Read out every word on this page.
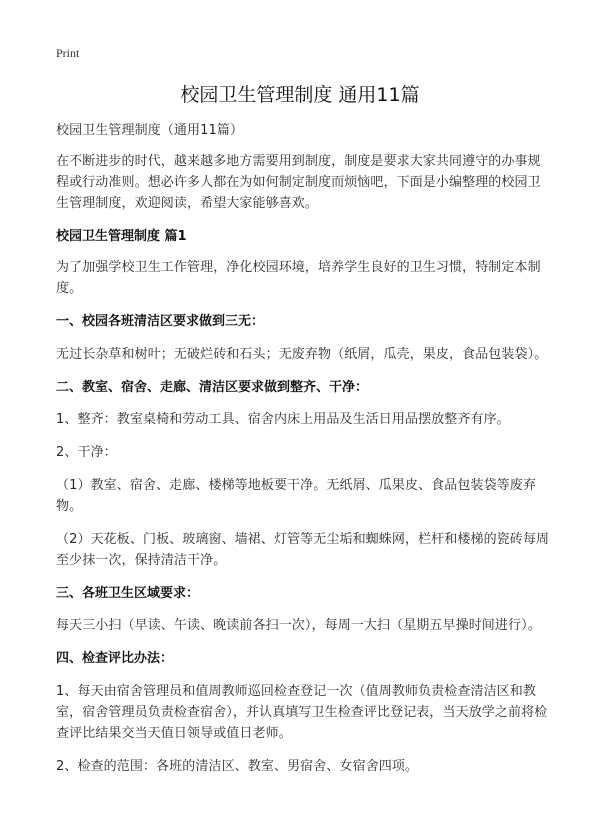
Print
校园卫生管理制度 通用11篇

校园卫生管理制度（通用11篇）

在不断进步的时代，越来越多地方需要用到制度，制度是要求大家共同遵守的办事规程或行动准则。想必许多人都在为如何制定制度而烦恼吧，下面是小编整理的校园卫生管理制度，欢迎阅读，希望大家能够喜欢。

校园卫生管理制度 篇1

为了加强学校卫生工作管理，净化校园环境，培养学生良好的卫生习惯，特制定本制度。

一、校园各班清洁区要求做到三无：

无过长杂草和树叶；无破烂砖和石头；无废弃物（纸屑，瓜壳，果皮，食品包装袋）。

二、教室、宿舍、走廊、清洁区要求做到整齐、干净：

1、整齐：教室桌椅和劳动工具、宿舍内床上用品及生活日用品摆放整齐有序。

2、干净：

（1）教室、宿舍、走廊、楼梯等地板要干净。无纸屑、瓜果皮、食品包装袋等废弃物。

（2）天花板、门板、玻璃窗、墙裙、灯管等无尘垢和蜘蛛网，栏杆和楼梯的瓷砖每周至少抹一次，保持清洁干净。

三、各班卫生区域要求：

每天三小扫（早读、午读、晚读前各扫一次），每周一大扫（星期五早操时间进行）。

四、检查评比办法：

1、每天由宿舍管理员和值周教师巡回检查登记一次（值周教师负责检查清洁区和教室，宿舍管理员负责检查宿舍），并认真填写卫生检查评比登记表，当天放学之前将检查评比结果交当天值日领导或值日老师。

2、检查的范围：各班的清洁区、教室、男宿舍、女宿舍四项。
